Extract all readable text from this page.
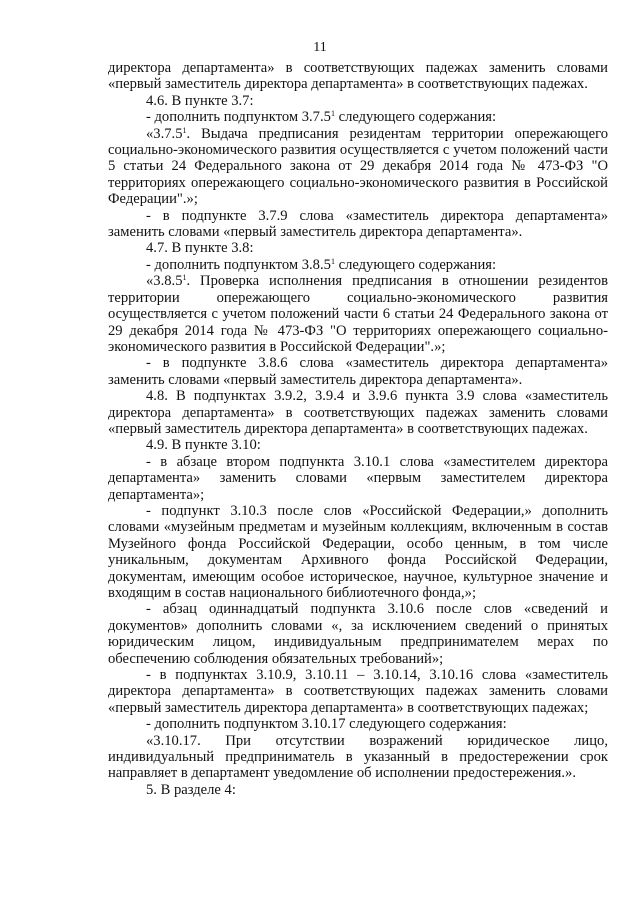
11

директора департамента» в соответствующих падежах заменить словами «первый заместитель директора департамента» в соответствующих падежах.

4.6. В пункте 3.7:

- дополнить подпунктом 3.7.5$^1$ следующего содержания:

«3.7.5$^1$. Выдача предписания резидентам территории опережающего социально-экономического развития осуществляется с учетом положений части 5 статьи 24 Федерального закона от 29 декабря 2014 года № 473-ФЗ "О территориях опережающего социально-экономического развития в Российской Федерации".»;

- в подпункте 3.7.9 слова «заместитель директора департамента» заменить словами «первый заместитель директора департамента».

4.7. В пункте 3.8:

- дополнить подпунктом 3.8.5$^1$ следующего содержания:

«3.8.5$^1$. Проверка исполнения предписания в отношении резидентов территории опережающего социально-экономического развития осуществляется с учетом положений части 6 статьи 24 Федерального закона от 29 декабря 2014 года № 473-ФЗ "О территориях опережающего социально-экономического развития в Российской Федерации".»;

- в подпункте 3.8.6 слова «заместитель директора департамента» заменить словами «первый заместитель директора департамента».

4.8. В подпунктах 3.9.2, 3.9.4 и 3.9.6 пункта 3.9 слова «заместитель директора департамента» в соответствующих падежах заменить словами «первый заместитель директора департамента» в соответствующих падежах.

4.9. В пункте 3.10:

- в абзаце втором подпункта 3.10.1 слова «заместителем директора департамента» заменить словами «первым заместителем директора департамента»;

- подпункт 3.10.3 после слов «Российской Федерации,» дополнить словами «музейным предметам и музейным коллекциям, включенным в состав Музейного фонда Российской Федерации, особо ценным, в том числе уникальным, документам Архивного фонда Российской Федерации, документам, имеющим особое историческое, научное, культурное значение и входящим в состав национального библиотечного фонда,»;

- абзац одиннадцатый подпункта 3.10.6 после слов «сведений и документов» дополнить словами «, за исключением сведений о принятых юридическим лицом, индивидуальным предпринимателем мерах по обеспечению соблюдения обязательных требований»;

- в подпунктах 3.10.9, 3.10.11 – 3.10.14, 3.10.16 слова «заместитель директора департамента» в соответствующих падежах заменить словами «первый заместитель директора департамента» в соответствующих падежах;

- дополнить подпунктом 3.10.17 следующего содержания:

«3.10.17. При отсутствии возражений юридическое лицо, индивидуальный предприниматель в указанный в предостережении срок направляет в департамент уведомление об исполнении предостережения.».

5. В разделе 4:
